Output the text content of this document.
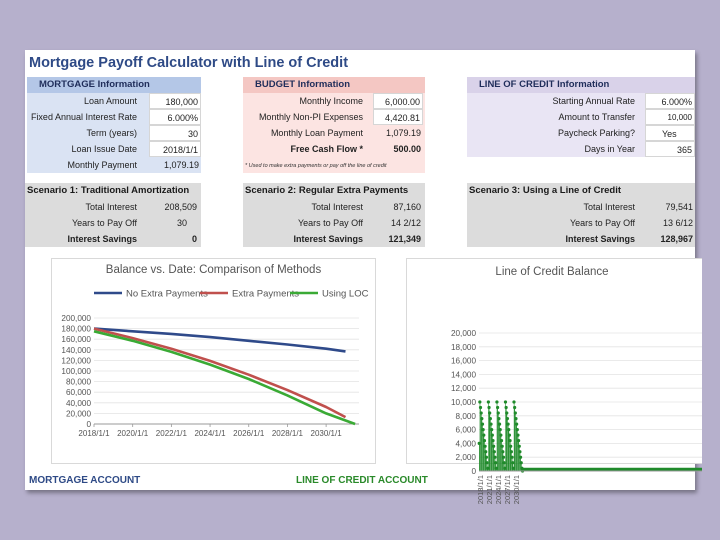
Mortgage Payoff Calculator with Line of Credit
MORTGAGE Information
Loan Amount	180,000
Fixed Annual Interest Rate	6.000%
Term (years)	30
Loan Issue Date	2018/1/1
Monthly Payment	1,079.19
BUDGET Information
Monthly Income	6,000.00
Monthly Non-PI Expenses	4,420.81
Monthly Loan Payment	1,079.19
Free Cash Flow *	500.00
* Used to make extra payments or pay off the line of credit
LINE OF CREDIT Information
Starting Annual Rate	6.000%
Amount to Transfer	10,000
Paycheck Parking?	Yes
Days in Year	365
Scenario 1: Traditional Amortization
Total Interest	208,509
Years to Pay Off	30
Interest Savings	0
Scenario 2: Regular Extra Payments
Total Interest	87,160
Years to Pay Off	14 2/12
Interest Savings	121,349
Scenario 3: Using a Line of Credit
Total Interest	79,541
Years to Pay Off	13 6/12
Interest Savings	128,967
Balance vs. Date: Comparison of Methods
0
20,000
40,000
60,000
80,000
100,000
120,000
140,000
160,000
180,000
200,000
2018/1/1 2020/1/1 2022/1/1 2024/1/1 2026/1/1 2028/1/1 2030/1/1
No Extra Payments	Extra Payments Using LOC
Line of Credit Balance
0
2,000
4,000
6,000
8,000
10,000
12,000
14,000
16,000
18,000
20,000
2018/1/1 2021/1/1 2024/1/1 2027/1/1 2030/1/1
MORTGAGE ACCOUNT	LINE OF CREDIT ACCOUNT
